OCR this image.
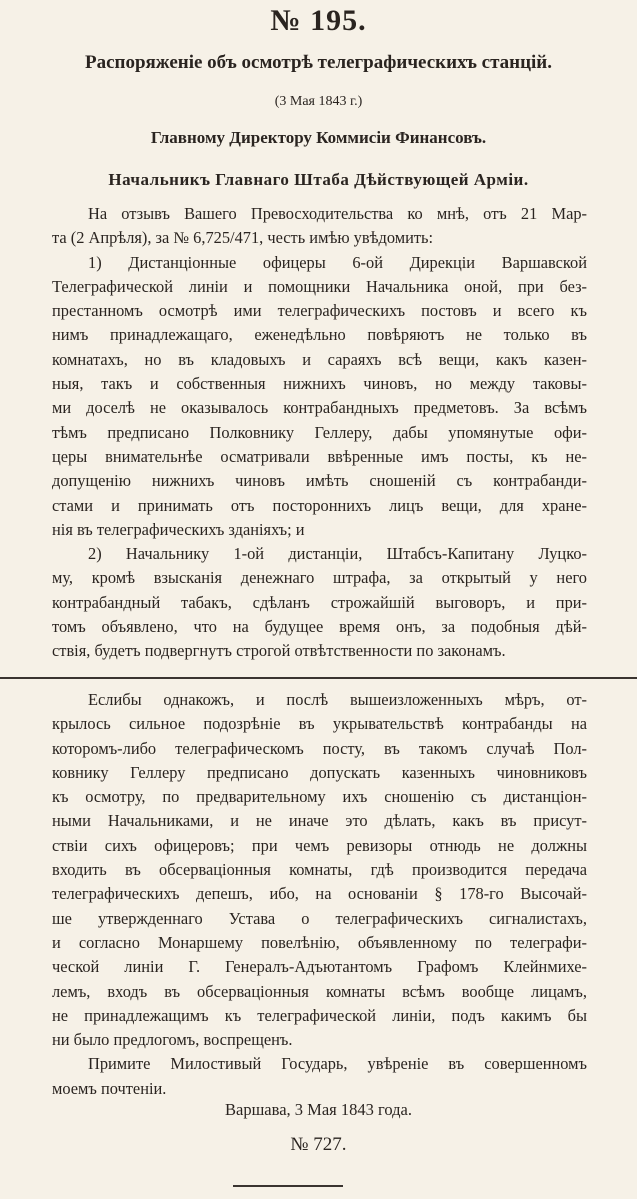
№ 195.
Распоряженіе объ осмотрѣ телеграфическихъ станцій.
(3 Мая 1843 г.)
Главному Директору Коммисіи Финансовъ.
Начальникъ Главнаго Штаба Дѣйствующей Арміи.
На отзывъ Вашего Превосходительства ко мнѣ, отъ 21 Мар-
та (2 Апрѣля), за № 6,725/471, честь имѣю увѣдомить:
1) Дистанціонные офицеры 6-ой Дирекціи Варшавской
Телеграфической линіи и помощники Начальника оной, при без-
престанномъ осмотрѣ ими телеграфическихъ постовъ и всего къ
нимъ принадлежащаго, еженедѣльно повѣряютъ не только въ
комнатахъ, но въ кладовыхъ и сараяхъ всѣ вещи, какъ казен-
ныя, такъ и собственныя нижнихъ чиновъ, но между таковы-
ми доселѣ не оказывалось контрабандныхъ предметовъ. За всѣмъ
тѣмъ предписано Полковнику Геллеру, дабы упомянутые офи-
церы внимательнѣе осматривали ввѣренные имъ посты, къ не-
допущенію нижнихъ чиновъ имѣть сношеній съ контрабанди-
стами и принимать отъ постороннихъ лицъ вещи, для хране-
нія въ телеграфическихъ зданіяхъ; и
2) Начальнику 1-ой дистанціи, Штабсъ-Капитану Луцко-
му, кромѣ взысканія денежнаго штрафа, за открытый у него
контрабандный табакъ, сдѣланъ строжайшій выговоръ, и при-
томъ объявлено, что на будущее время онъ, за подобныя дѣй-
ствія, будетъ подвергнутъ строгой отвѣтственности по законамъ.
Еслибы однакожъ, и послѣ вышеизложенныхъ мѣръ, от-
крылось сильное подозрѣніе въ укрывательствѣ контрабанды на
которомъ-либо телеграфическомъ посту, въ такомъ случаѣ Пол-
ковнику Геллеру предписано допускать казенныхъ чиновниковъ
къ осмотру, по предварительному ихъ сношенію съ дистанціон-
ными Начальниками, и не иначе это дѣлать, какъ въ присут-
ствіи сихъ офицеровъ; при чемъ ревизоры отнюдь не должны
входить въ обсерваціонныя комнаты, гдѣ производится передача
телеграфическихъ депешъ, ибо, на основаніи § 178-го Высочай-
ше утвержденнаго Устава о телеграфическихъ сигналистахъ,
и согласно Монаршему повелѣнію, объявленному по телеграфи-
ческой линіи Г. Генералъ-Адъютантомъ Графомъ Клейнмихе-
лемъ, входъ въ обсерваціонныя комнаты всѣмъ вообще лицамъ,
не принадлежащимъ къ телеграфической линіи, подъ какимъ бы
ни было предлогомъ, воспрещенъ.
Примите Милостивый Государь, увѣреніе въ совершенномъ
моемъ почтеніи.
Варшава, 3 Мая 1843 года.
№ 727.
